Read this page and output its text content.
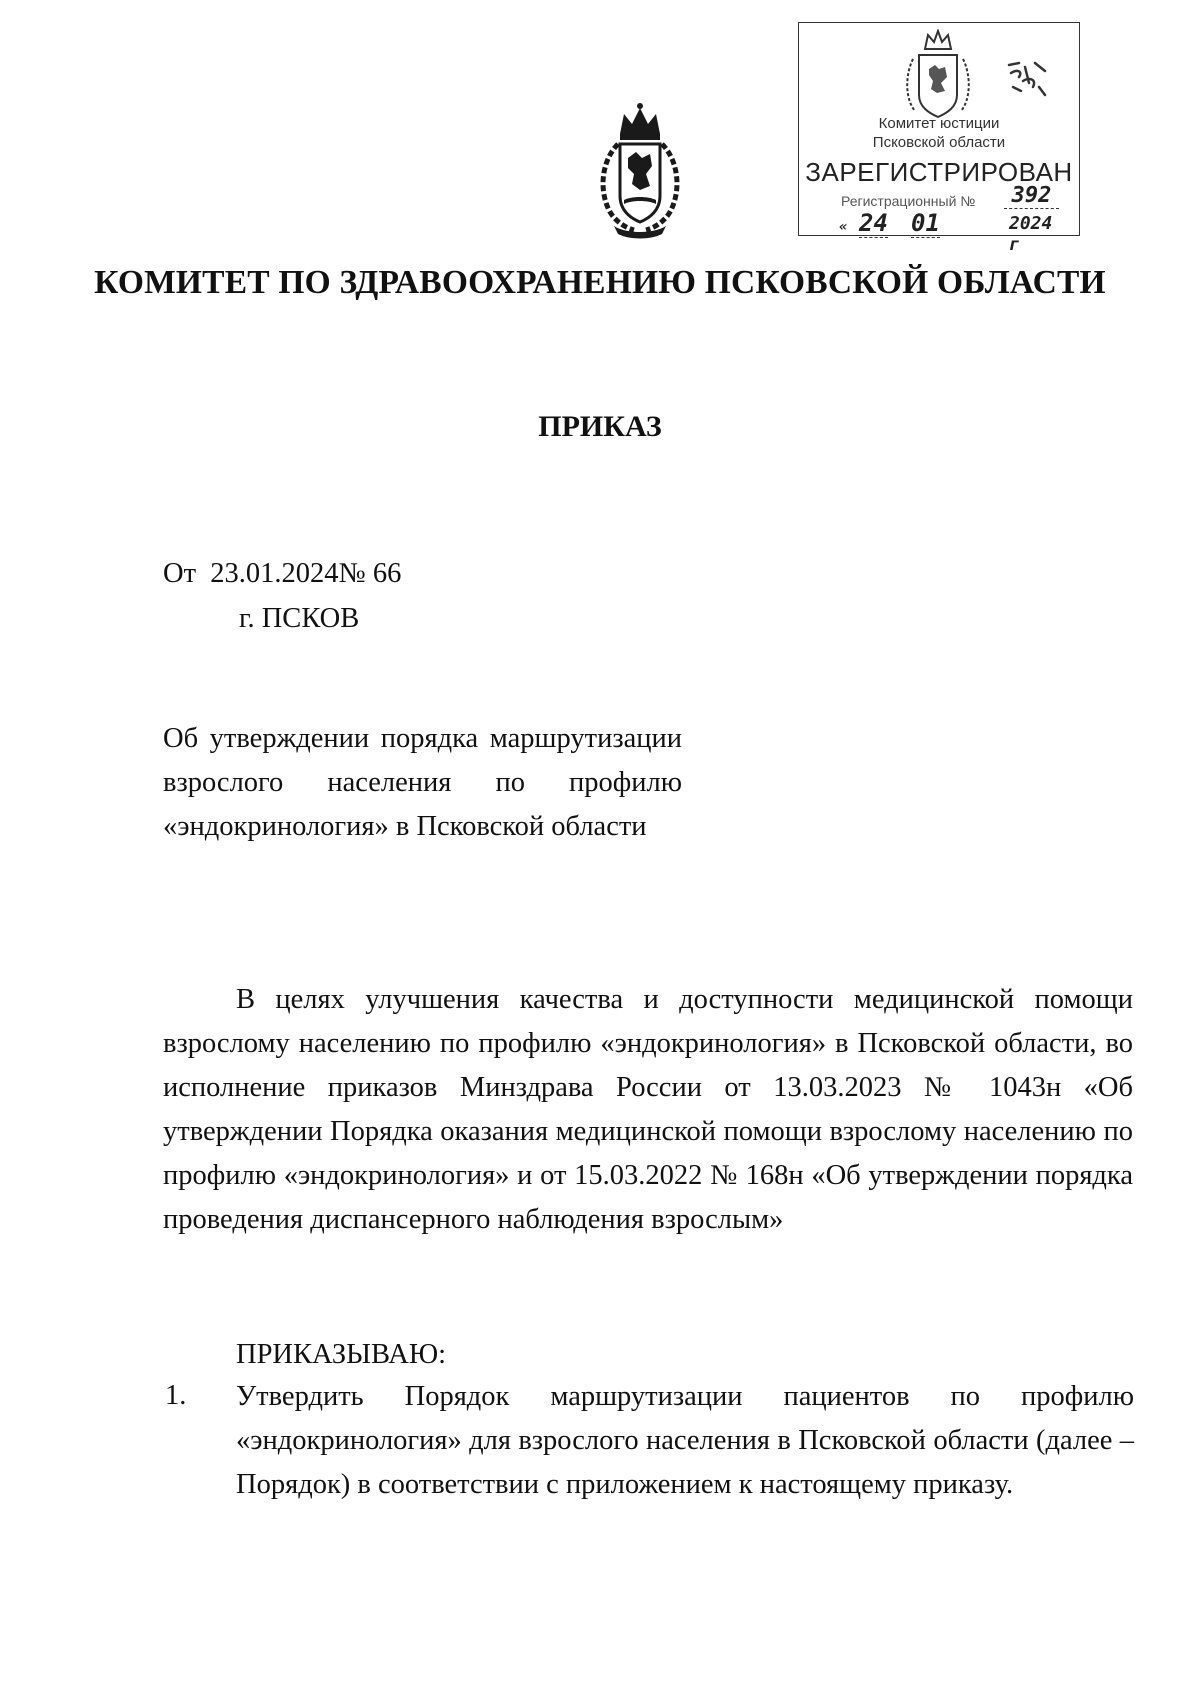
Комитет юстиции
Псковской области
ЗАРЕГИСТРИРОВАН
Регистрационный №	392
« 24 01	2024 г
КОМИТЕТ ПО ЗДРАВООХРАНЕНИЮ ПСКОВСКОЙ ОБЛАСТИ
ПРИКАЗ
От  23.01.2024№ 66
г. ПСКОВ
Об утверждении порядка маршрутизации взрослого населения по профилю «эндокринология» в Псковской области
В целях улучшения качества и доступности медицинской помощи взрослому населению по профилю «эндокринология» в Псковской области, во исполнение приказов Минздрава России от 13.03.2023 № 1043н «Об утверждении Порядка оказания медицинской помощи взрослому населению по профилю «эндокринология» и от 15.03.2022 № 168н «Об утверждении порядка проведения диспансерного наблюдения взрослым»
ПРИКАЗЫВАЮ:
1. Утвердить Порядок маршрутизации пациентов по профилю «эндокринология» для взрослого населения в Псковской области (далее – Порядок) в соответствии с приложением к настоящему приказу.
